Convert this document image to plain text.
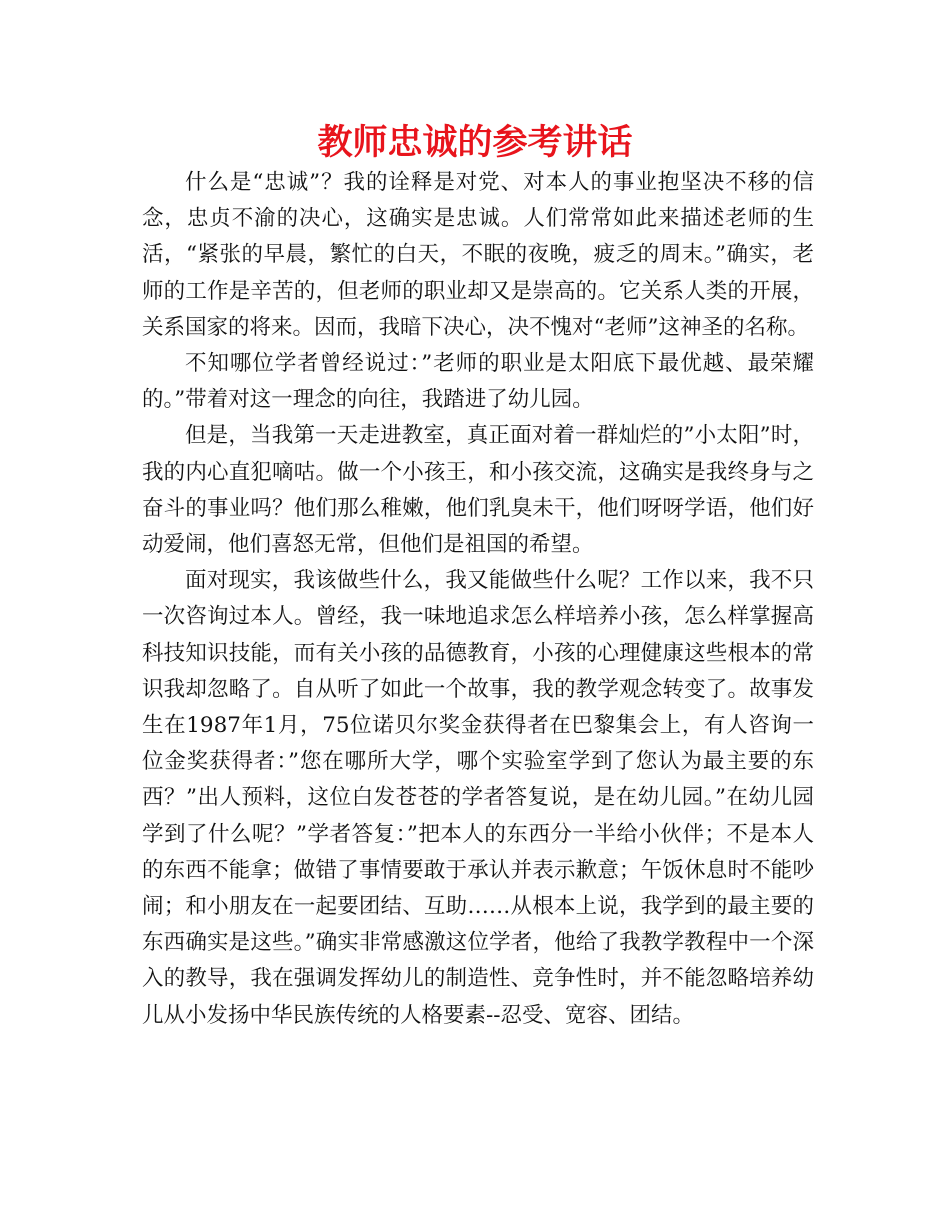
教师忠诚的参考讲话

什么是“忠诚”？我的诠释是对党、对本人的事业抱坚决不移的信念，忠贞不渝的决心，这确实是忠诚。人们常常如此来描述老师的生活，“紧张的早晨，繁忙的白天，不眠的夜晚，疲乏的周末。”确实，老师的工作是辛苦的，但老师的职业却又是崇高的。它关系人类的开展，关系国家的将来。因而，我暗下决心，决不愧对“老师”这神圣的名称。

不知哪位学者曾经说过：”老师的职业是太阳底下最优越、最荣耀的。”带着对这一理念的向往，我踏进了幼儿园。

但是，当我第一天走进教室，真正面对着一群灿烂的”小太阳”时，我的内心直犯嘀咕。做一个小孩王，和小孩交流，这确实是我终身与之奋斗的事业吗？他们那么稚嫩，他们乳臭未干，他们呀呀学语，他们好动爱闹，他们喜怒无常，但他们是祖国的希望。

面对现实，我该做些什么，我又能做些什么呢？工作以来，我不只一次咨询过本人。曾经，我一味地追求怎么样培养小孩，怎么样掌握高科技知识技能，而有关小孩的品德教育，小孩的心理健康这些根本的常识我却忽略了。自从听了如此一个故事，我的教学观念转变了。故事发生在1987年1月，75位诺贝尔奖金获得者在巴黎集会上，有人咨询一位金奖获得者：”您在哪所大学，哪个实验室学到了您认为最主要的东西？”出人预料，这位白发苍苍的学者答复说，是在幼儿园。”在幼儿园学到了什么呢？”学者答复：”把本人的东西分一半给小伙伴；不是本人的东西不能拿；做错了事情要敢于承认并表示歉意；午饭休息时不能吵闹；和小朋友在一起要团结、互助……从根本上说，我学到的最主要的东西确实是这些。”确实非常感激这位学者，他给了我教学教程中一个深入的教导，我在强调发挥幼儿的制造性、竞争性时，并不能忽略培养幼儿从小发扬中华民族传统的人格要素--忍受、宽容、团结。
